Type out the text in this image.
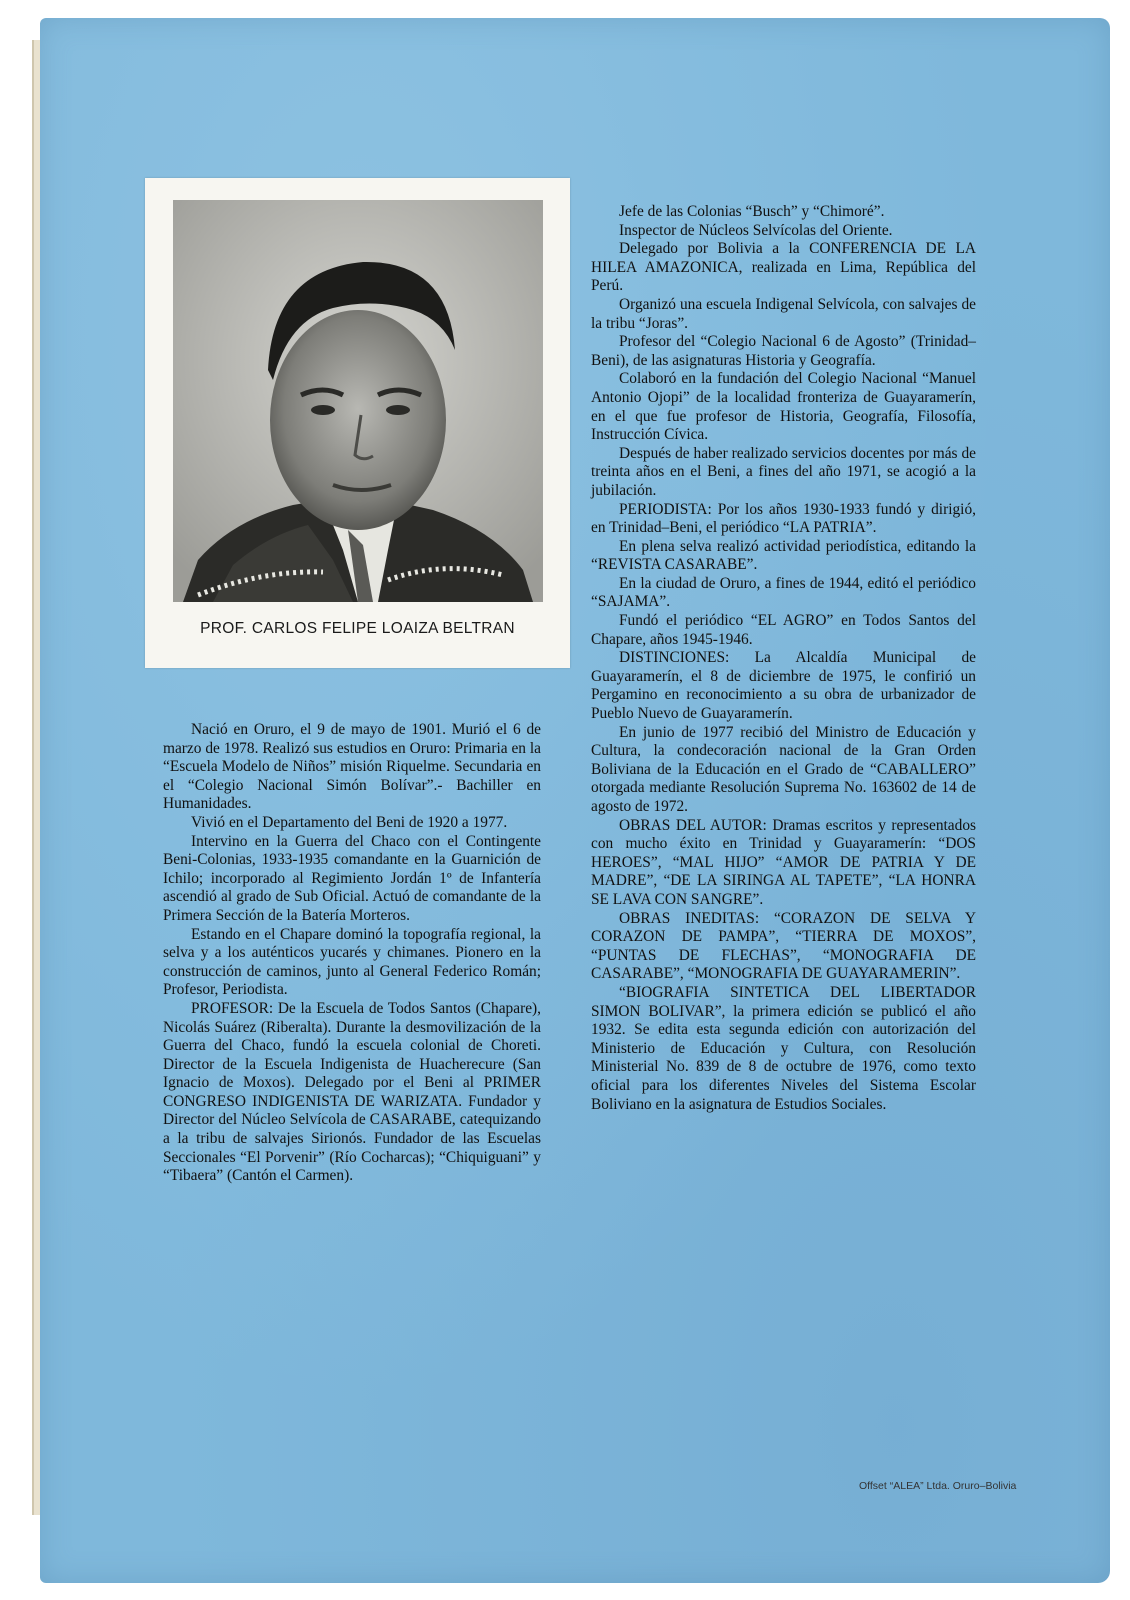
PROF. CARLOS FELIPE LOAIZA BELTRAN

Nació en Oruro, el 9 de mayo de 1901. Murió el 6 de marzo de 1978. Realizó sus estudios en Oruro: Primaria en la “Escuela Modelo de Niños” misión Riquelme. Secundaria en el “Colegio Nacional Simón Bolívar”.- Bachiller en Humanidades.

Vivió en el Departamento del Beni de 1920 a 1977.

Intervino en la Guerra del Chaco con el Contingente Beni-Colonias, 1933-1935 comandante en la Guarnición de Ichilo; incorporado al Regimiento Jordán 1º de Infantería ascendió al grado de Sub Oficial. Actuó de comandante de la Primera Sección de la Batería Morteros.

Estando en el Chapare dominó la topografía regional, la selva y a los auténticos yucarés y chimanes. Pionero en la construcción de caminos, junto al General Federico Román; Profesor, Periodista.

PROFESOR: De la Escuela de Todos Santos (Chapare), Nicolás Suárez (Riberalta). Durante la desmovilización de la Guerra del Chaco, fundó la escuela colonial de Choreti. Director de la Escuela Indigenista de Huacherecure (San Ignacio de Moxos). Delegado por el Beni al PRIMER CONGRESO INDIGENISTA DE WARIZATA. Fundador y Director del Núcleo Selvícola de CASARABE, catequizando a la tribu de salvajes Sirionós. Fundador de las Escuelas Seccionales “El Porvenir” (Río Cocharcas); “Chiquiguani” y “Tibaera” (Cantón el Carmen).

Jefe de las Colonias “Busch” y “Chimoré”.

Inspector de Núcleos Selvícolas del Oriente.

Delegado por Bolivia a la CONFERENCIA DE LA HILEA AMAZONICA, realizada en Lima, República del Perú.

Organizó una escuela Indigenal Selvícola, con salvajes de la tribu “Joras”.

Profesor del “Colegio Nacional 6 de Agosto” (Trinidad–Beni), de las asignaturas Historia y Geografía.

Colaboró en la fundación del Colegio Nacional “Manuel Antonio Ojopi” de la localidad fronteriza de Guayaramerín, en el que fue profesor de Historia, Geografía, Filosofía, Instrucción Cívica.

Después de haber realizado servicios docentes por más de treinta años en el Beni, a fines del año 1971, se acogió a la jubilación.

PERIODISTA: Por los años 1930-1933 fundó y dirigió, en Trinidad–Beni, el periódico “LA PATRIA”.

En plena selva realizó actividad periodística, editando la “REVISTA CASARABE”.

En la ciudad de Oruro, a fines de 1944, editó el periódico “SAJAMA”.

Fundó el periódico “EL AGRO” en Todos Santos del Chapare, años 1945-1946.

DISTINCIONES: La Alcaldía Municipal de Guayaramerín, el 8 de diciembre de 1975, le confirió un Pergamino en reconocimiento a su obra de urbanizador de Pueblo Nuevo de Guayaramerín.

En junio de 1977 recibió del Ministro de Educación y Cultura, la condecoración nacional de la Gran Orden Boliviana de la Educación en el Grado de “CABALLERO” otorgada mediante Resolución Suprema No. 163602 de 14 de agosto de 1972.

OBRAS DEL AUTOR: Dramas escritos y representados con mucho éxito en Trinidad y Guayaramerín: “DOS HEROES”, “MAL HIJO” “AMOR DE PATRIA Y DE MADRE”, “DE LA SIRINGA AL TAPETE”, “LA HONRA SE LAVA CON SANGRE”.

OBRAS INEDITAS: “CORAZON DE SELVA Y CORAZON DE PAMPA”, “TIERRA DE MOXOS”, “PUNTAS DE FLECHAS”, “MONOGRAFIA DE CASARABE”, “MONOGRAFIA DE GUAYARAMERIN”.

“BIOGRAFIA SINTETICA DEL LIBERTADOR SIMON BOLIVAR”, la primera edición se publicó el año 1932. Se edita esta segunda edición con autorización del Ministerio de Educación y Cultura, con Resolución Ministerial No. 839 de 8 de octubre de 1976, como texto oficial para los diferentes Niveles del Sistema Escolar Boliviano en la asignatura de Estudios Sociales.

Offset “ALEA” Ltda. Oruro–Bolivia
